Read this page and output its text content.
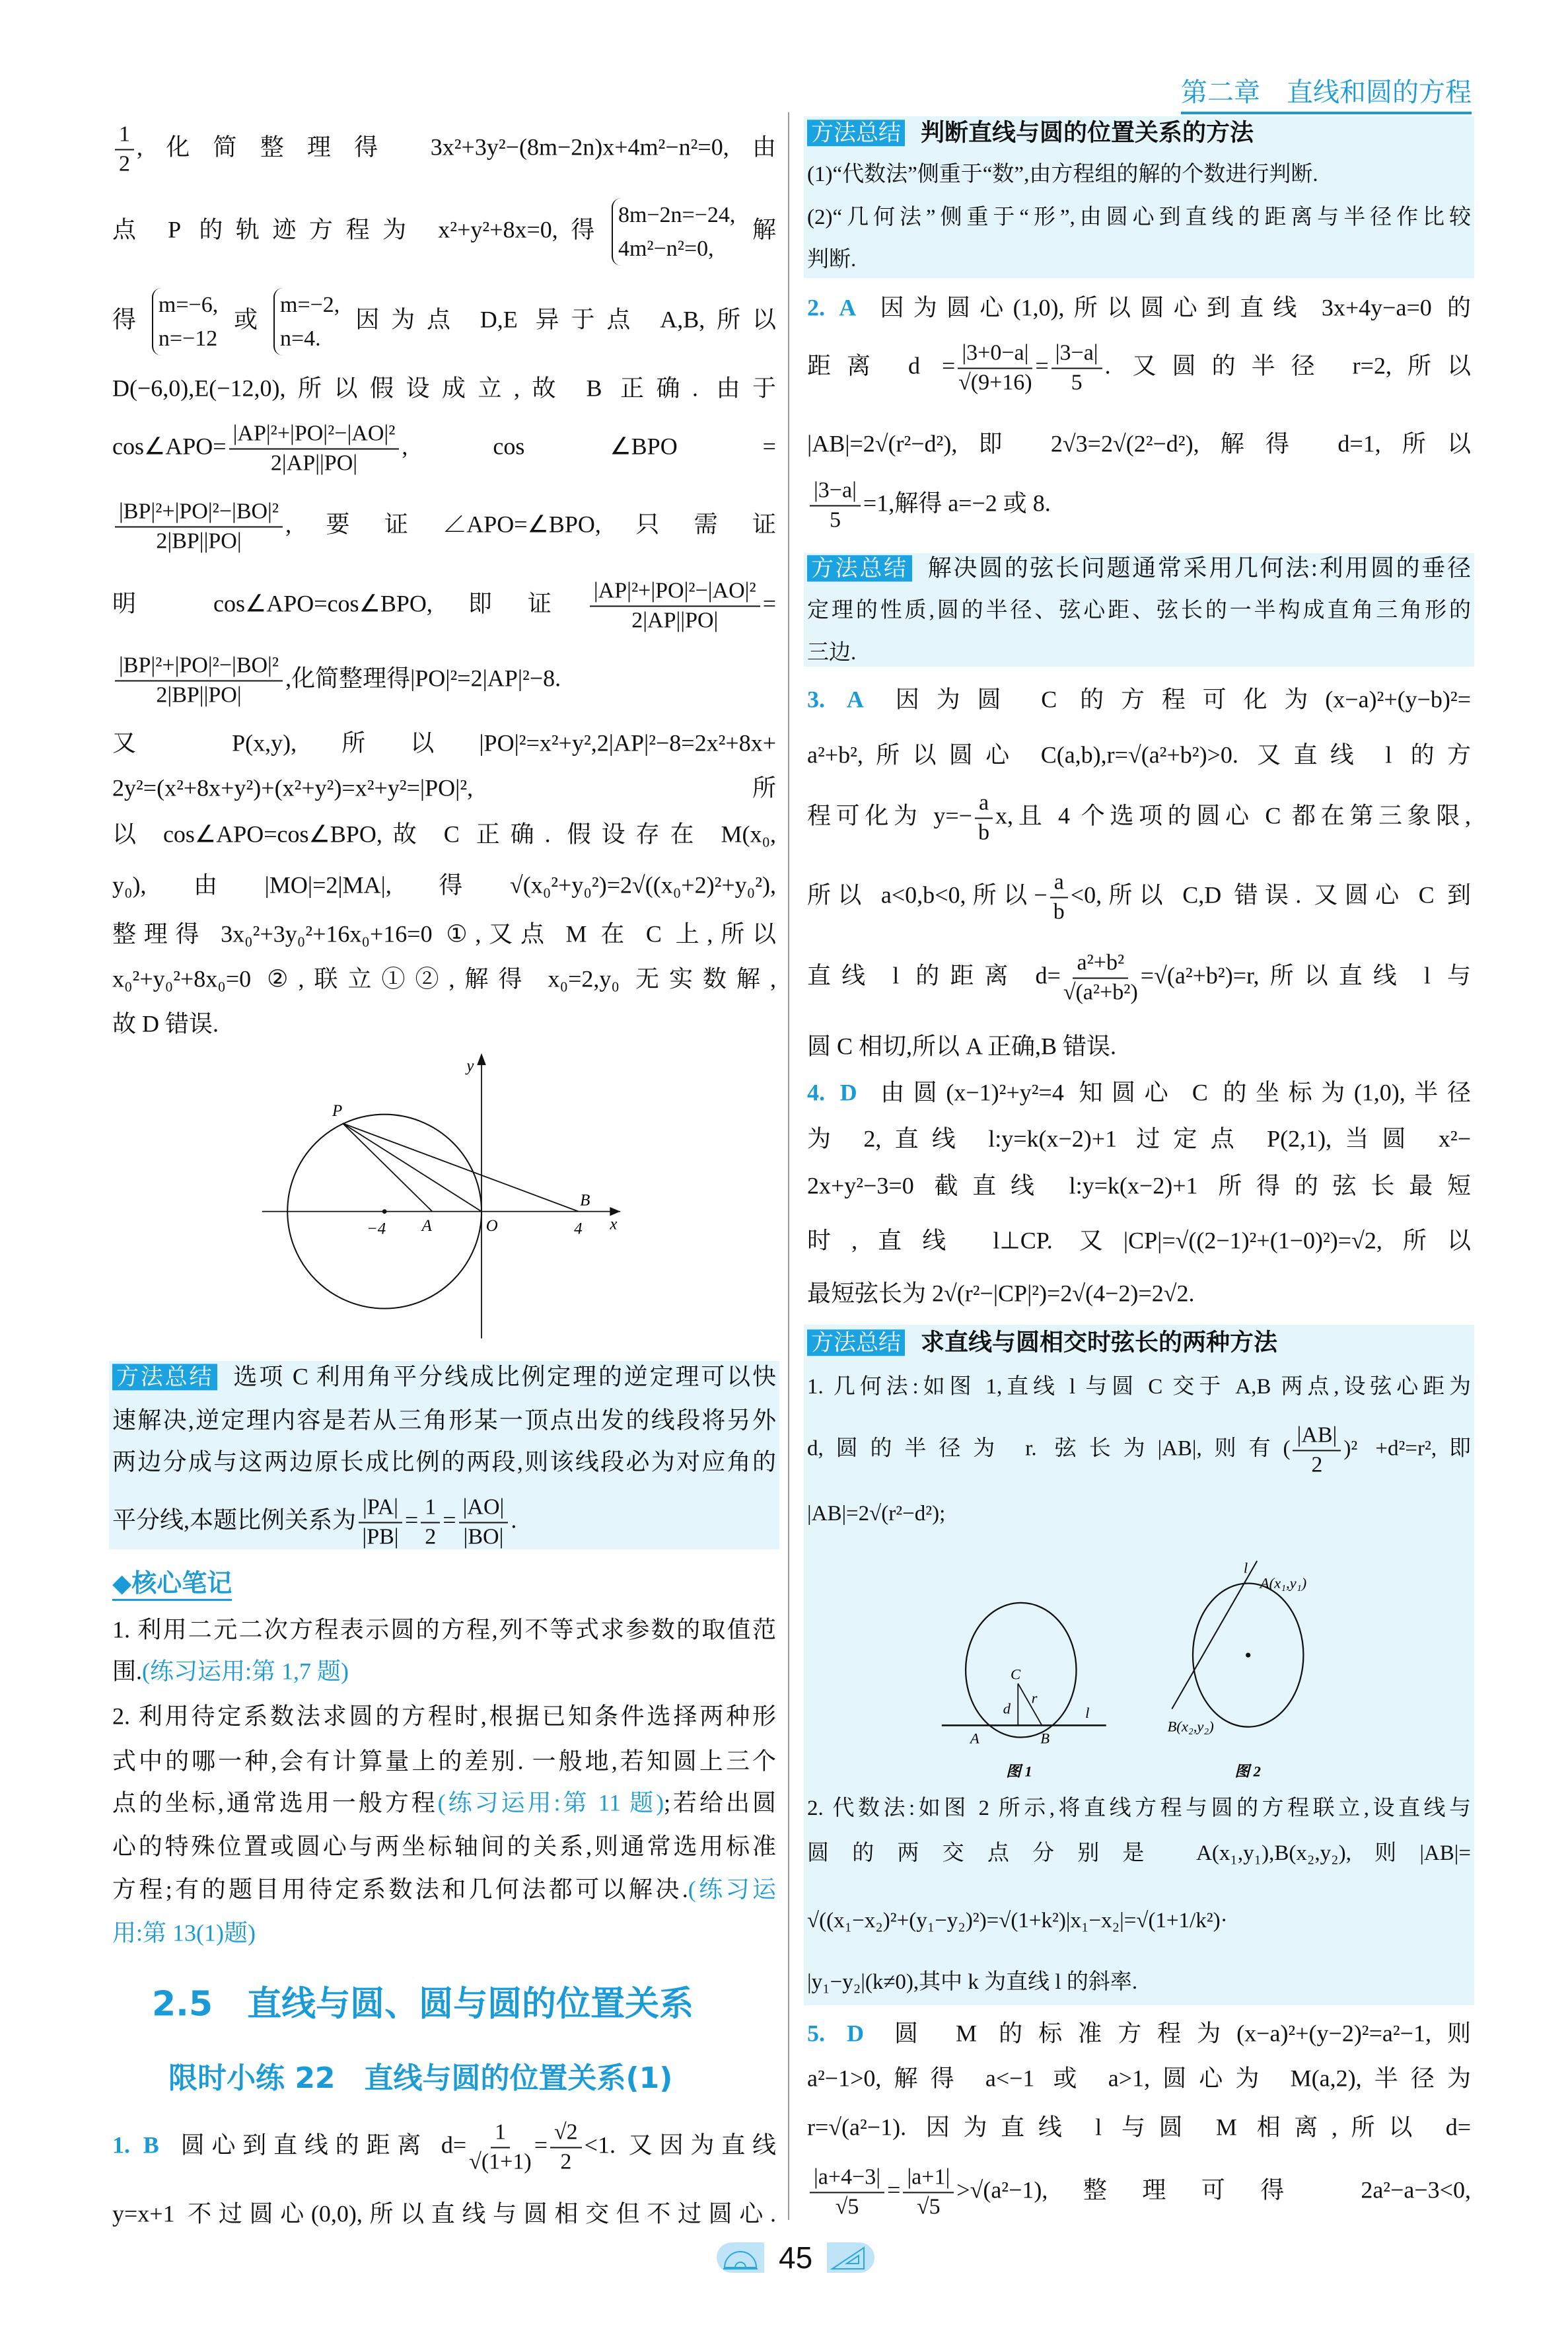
第二章　直线和圆的方程
$\frac{1}{2}$ ,化简整理得 3x²+3y²−(8m−2n)x+4m²−n²=0,由
点 P 的轨迹方程为 x²+y²+8x=0,得
8m−2n=−24,
4m²−n²=0,
解
得
m=−6,
n=−12
或
m=−2,
n=4.
因为点 D,E 异于点 A,B,所以
D(−6,0),E(−12,0),所以假设成立,故 B 正确. 由于
cos∠APO= $\frac{\text{|AP|²+|PO|²−|AO|²}}{2|AP||PO|}$ , cos ∠BPO =
$\frac{\text{|BP|²+|PO|²−|BO|²}}{2|BP||PO|}$ ,要证∠APO=∠BPO,只需证
明 cos∠APO=cos∠BPO,即证 $\frac{\text{|AP|²+|PO|²−|AO|²}}{2|AP||PO|}$ =
$\frac{\text{|BP|²+|PO|²−|BO|²}}{2|BP||PO|}$ ,化简整理得|PO|²=2|AP|²−8.
又 P(x,y),所以|PO|²=x²+y²,2|AP|²−8=2x²+8x+
2y²=(x²+8x+y²)+(x²+y²)=x²+y²=|PO|²,所
以 cos∠APO=cos∠BPO,故 C 正确. 假设存在 M(x₀,
y₀),由|MO|=2|MA|,得√(x₀²+y₀²)=2√((x₀+2)²+y₀²),
整理得 3x₀²+3y₀²+16x₀+16=0 ①,又点 M 在 C 上,所以
x₀²+y₀²+8x₀=0 ②,联立①②,解得 x₀=2,y₀ 无实数解,
故 D 错误.
y
x
P
B
A	O
−4	4
方法总结 选项 C 利用角平分线成比例定理的逆定理可以快
速解决,逆定理内容是若从三角形某一顶点出发的线段将另外
两边分成与这两边原长成比例的两段,则该线段必为对应角的
平分线,本题比例关系为 $\frac{|PA|}{|PB|} = \frac{1}{2} = \frac{|AO|}{|BO|}$ .
◆核心笔记
1. 利用二元二次方程表示圆的方程,列不等式求参数的取值范
围.(练习运用:第 1,7 题)
2. 利用待定系数法求圆的方程时,根据已知条件选择两种形
式中的哪一种,会有计算量上的差别. 一般地,若知圆上三个
点的坐标,通常选用一般方程(练习运用:第 11 题);若给出圆
心的特殊位置或圆心与两坐标轴间的关系,则通常选用标准
方程;有的题目用待定系数法和几何法都可以解决.(练习运
用:第 13(1)题)
2.5　直线与圆、圆与圆的位置关系
限时小练 22　直线与圆的位置关系(1)
1. B 圆心到直线的距离 $d= \frac{1}{√(1+1)} = \frac{√2}{2} <1$. 又因为直线
y=x+1 不过圆心(0,0),所以直线与圆相交但不过圆心.
方法总结 判断直线与圆的位置关系的方法
(1)“代数法”侧重于“数”,由方程组的解的个数进行判断.
(2)“几何法”侧重于“形”,由圆心到直线的距离与半径作比较
判断.
2. A 因为圆心(1,0),所以圆心到直线 3x+4y−a=0 的
距离 $d = \frac{|3+0-a|}{√(9+16)} = \frac{|3-a|}{5}$ . 又圆的半径 r=2,所以
|AB|=2√(r²−d²),即 2√3=2√(2²−d²),解得 d=1,所以
$\frac{|3-a|}{5} =1$,解得 a=−2 或 8.
方法总结 解决圆的弦长问题通常采用几何法:利用圆的垂径
定理的性质,圆的半径、弦心距、弦长的一半构成直角三角形的
三边.
3. A 因为圆 C 的方程可化为(x−a)²+(y−b)²=
a²+b²,所以圆心 C(a,b),r=√(a²+b²)>0. 又直线 l 的方
程可化为 $y=- \frac{a}{b} x$,且 4 个选项的圆心 C 都在第三象限,
所以 a<0,b<0,所以− $\frac{a}{b} <0$,所以 C,D 错误. 又圆心 C 到
直线 l 的距离 $d= \frac{\text{a²+b²}}{\text{√(a²+b²)}} =√(a^2+b^2)=r$,所以直线 l 与
圆 C 相切,所以 A 正确,B 错误.
4. D 由圆(x−1)²+y²=4 知圆心 C 的坐标为(1,0),半径
为 2,直线 l:y=k(x−2)+1 过定点 P(2,1),当圆 x²−
2x+y²−3=0 截直线 l:y=k(x−2)+1 所得的弦长最短
时,直线 l⊥CP. 又|CP|=√((2−1)²+(1−0)²)=√2,所以
最短弦长为 2√(r²−|CP|²)=2√(4−2)=2√2.
方法总结 求直线与圆相交时弦长的两种方法
1. 几何法:如图 1,直线 l 与圆 C 交于 A,B 两点,设弦心距为
d,圆的半径为 r. 弦长为|AB|,则有( $\frac{|AB|}{2} )^2 +d^2=r^2$,即
|AB|=2√(r²−d²);
C
d
r
l
A	B
图 1
l
A(x₁,y₁)
B(x₂,y₂)
图 2
2. 代数法:如图 2 所示,将直线方程与圆的方程联立,设直线与
圆的两交点分别是 A(x₁,y₁),B(x₂,y₂),则|AB|=
√((x₁−x₂)²+(y₁−y₂)²)=√(1+k²)|x₁−x₂|=√(1+1/k²)·
|y₁−y₂|(k≠0),其中 k 为直线 l 的斜率.
5. D 圆 M 的标准方程为(x−a)²+(y−2)²=a²−1,则
a²−1>0,解得 a<−1 或 a>1,圆心为 M(a,2),半径为
r=√(a²−1). 因为直线 l 与圆 M 相离,所以 d=
$\frac{|a+4-3|}{√5} = \frac{|a+1|}{√5} >√(a^2-1)$,整理可得 2a²−a−3<0,
45
